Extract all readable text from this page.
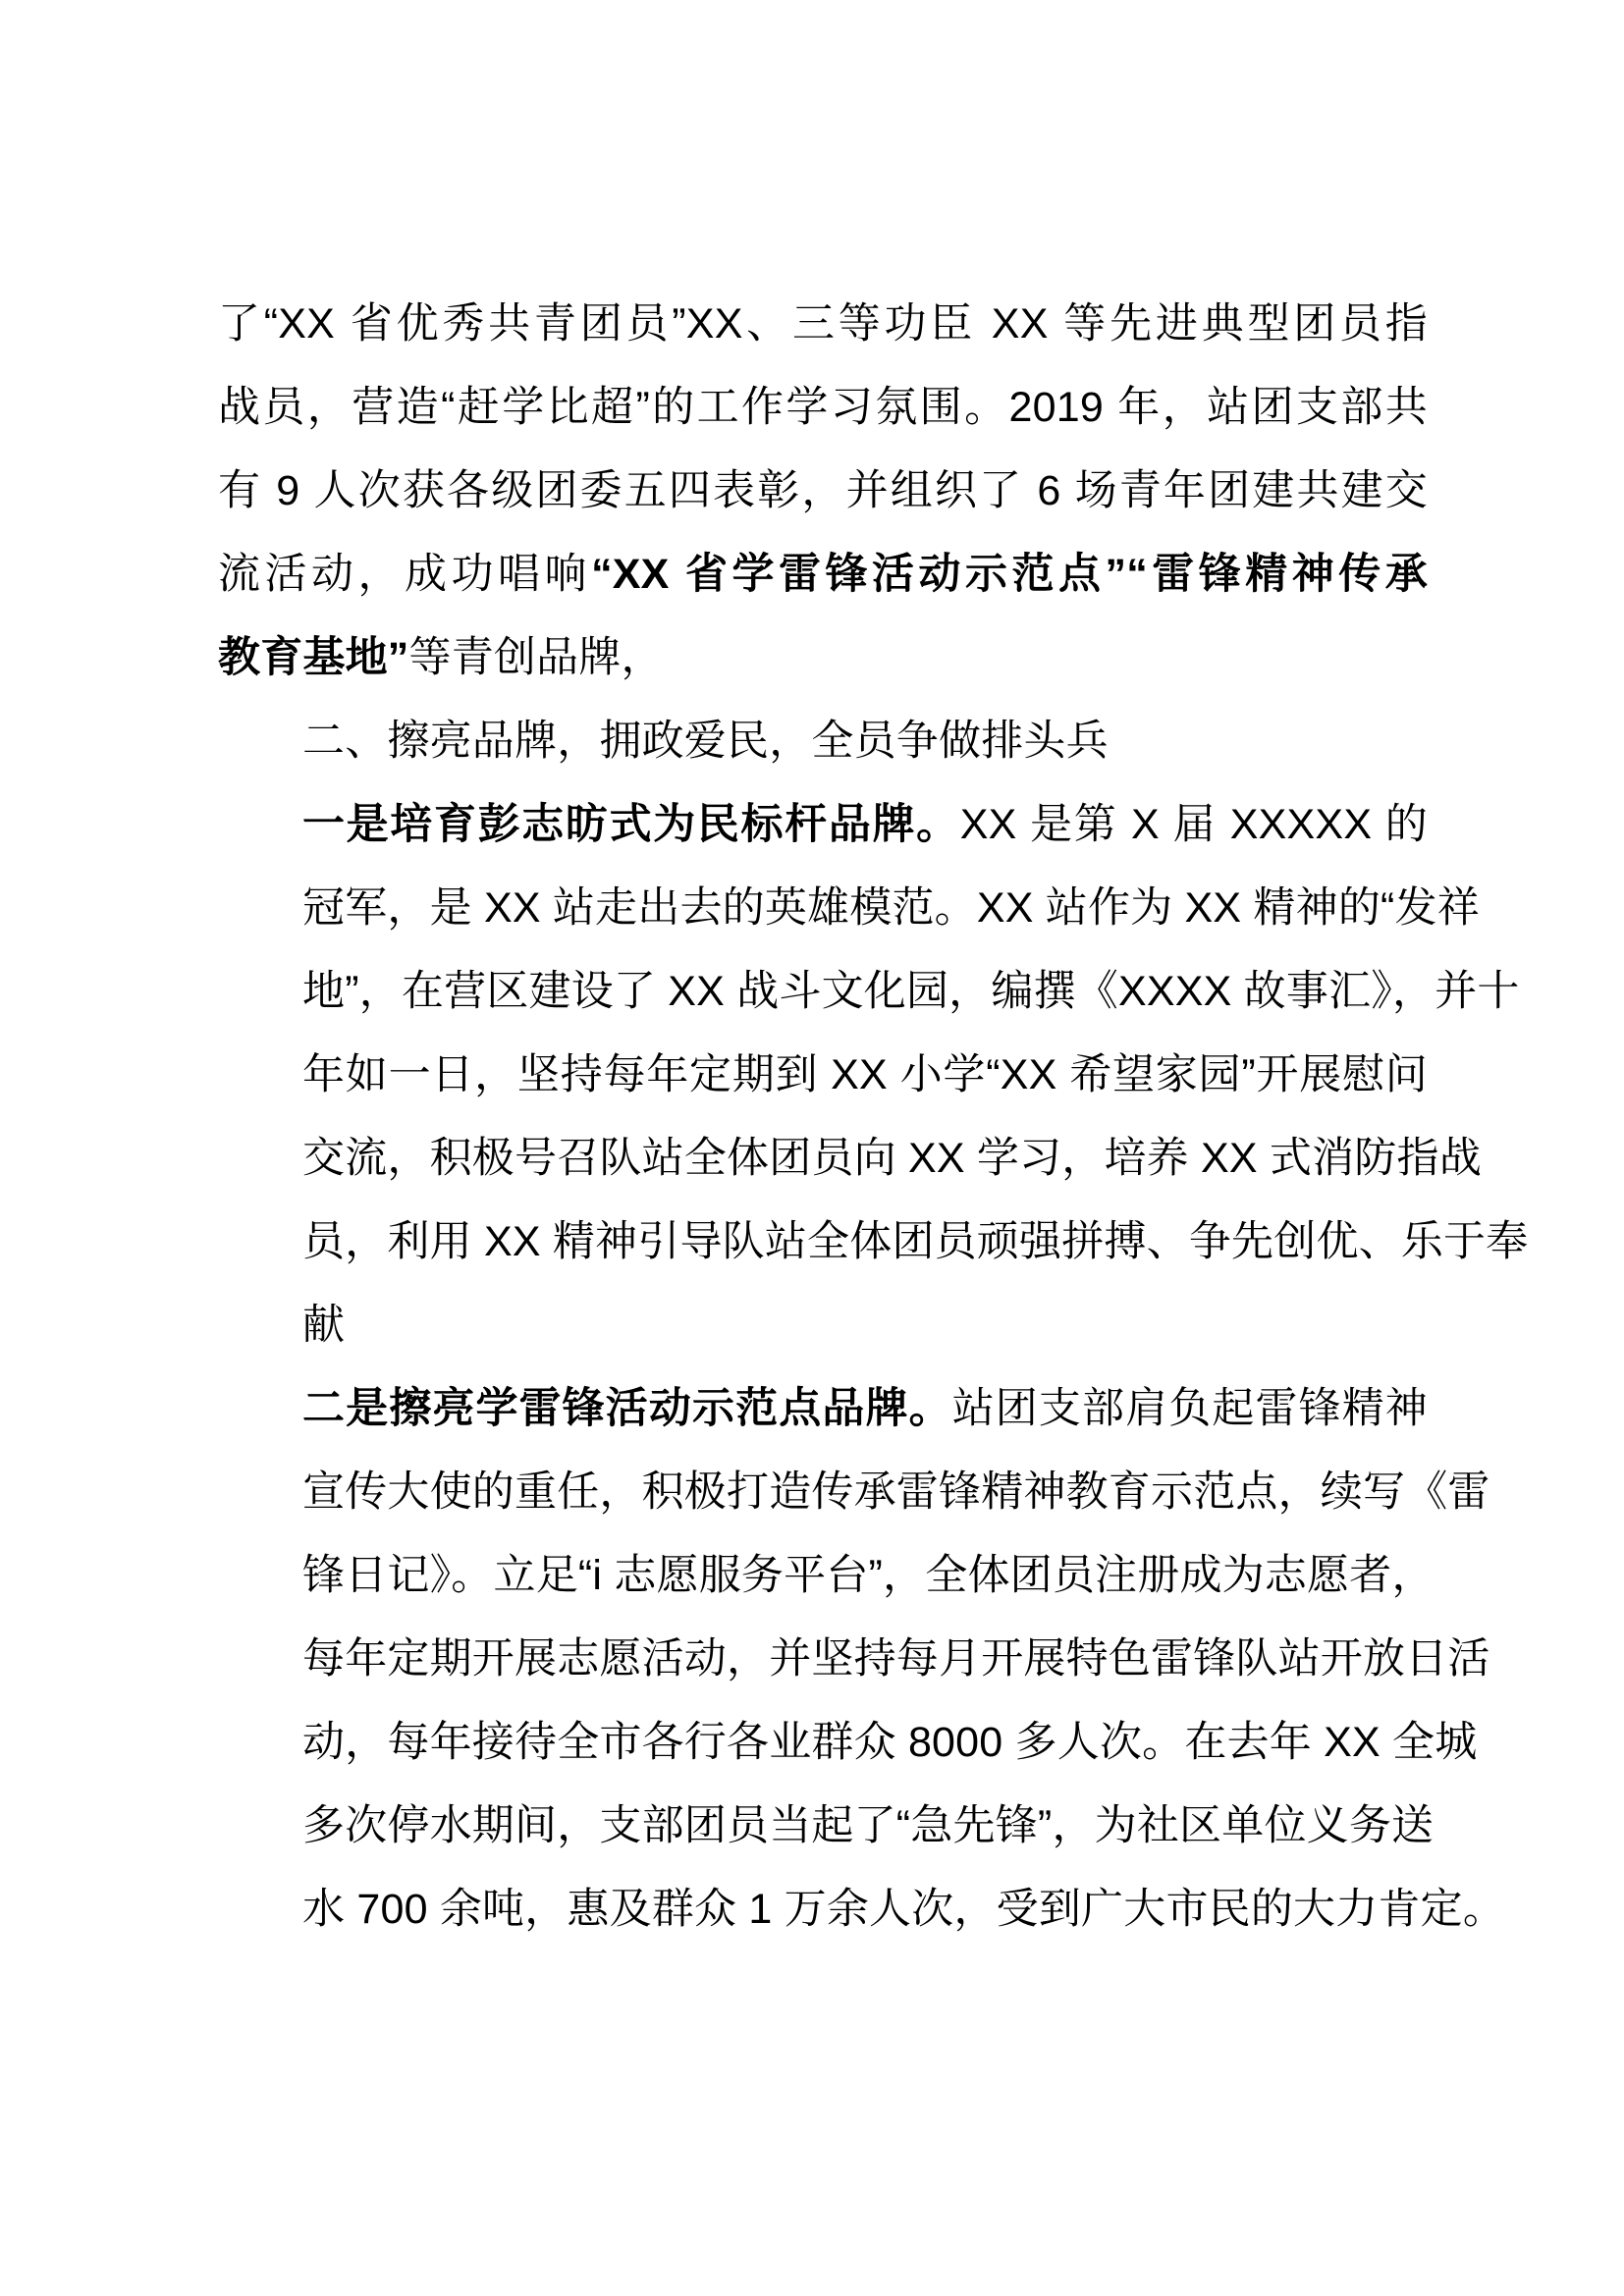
了“XX 省优秀共青团员”XX、三等功臣 XX 等先进典型团员指
战员，营造“赶学比超”的工作学习氛围。2019 年，站团支部共
有 9 人次获各级团委五四表彰，并组织了 6 场青年团建共建交
流活动，成功唱响“XX 省学雷锋活动示范点”“雷锋精神传承
教育基地”等青创品牌，

二、擦亮品牌，拥政爱民，全员争做排头兵

一是培育彭志昉式为民标杆品牌。XX 是第 X 届 XXXXX 的
冠军，是 XX 站走出去的英雄模范。XX 站作为 XX 精神的“发祥
地”，在营区建设了 XX 战斗文化园，编撰《XXXX 故事汇》，并十
年如一日，坚持每年定期到 XX 小学“XX 希望家园”开展慰问
交流，积极号召队站全体团员向 XX 学习，培养 XX 式消防指战
员，利用 XX 精神引导队站全体团员顽强拼搏、争先创优、乐于奉
献

二是擦亮学雷锋活动示范点品牌。站团支部肩负起雷锋精神
宣传大使的重任，积极打造传承雷锋精神教育示范点，续写《雷
锋日记》。立足“i 志愿服务平台”，全体团员注册成为志愿者，
每年定期开展志愿活动，并坚持每月开展特色雷锋队站开放日活
动，每年接待全市各行各业群众 8000 多人次。在去年 XX 全城
多次停水期间，支部团员当起了“急先锋”，为社区单位义务送
水 700 余吨，惠及群众 1 万余人次，受到广大市民的大力肯定。
